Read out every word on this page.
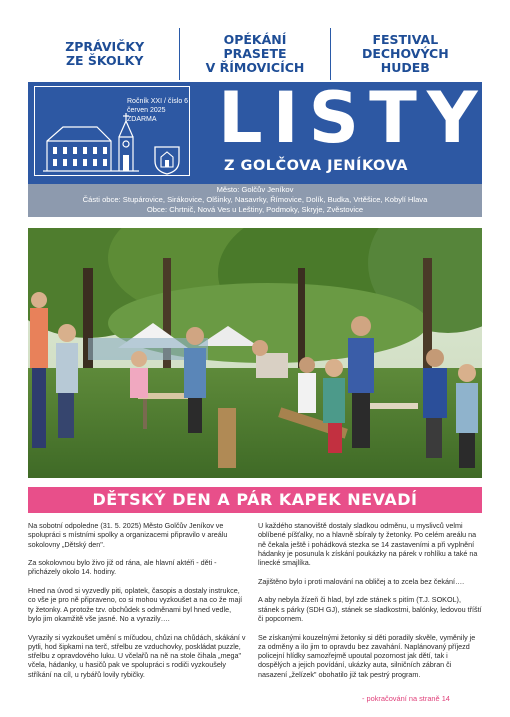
ZPRÁVIČKY
ZE ŠKOLKY
OPÉKÁNÍ
PRASETE
V ŘÍMOVICÍCH
FESTIVAL
DECHOVÝCH
HUDEB
Ročník XXI / číslo 6
červen 2025
ZDARMA LISTY
Z GOLČOVA JENÍKOVA
Město: Golčův Jeníkov
Části obce: Stupárovice, Sirákovice, Olšinky, Nasavrky, Římovice, Dolík, Budka, Vrtěšice, Kobylí Hlava
Obce: Chrtnič, Nová Ves u Leštiny, Podmoky, Skryje, Zvěstovice
DĚTSKÝ DEN A PÁR KAPEK NEVADÍ

Na sobotní odpoledne (31. 5. 2025) Město Golčův Jeníkov ve spolupráci s místními spolky a organizacemi připravilo v areálu sokolovny „Dětský den".

Za sokolovnou bylo živo již od rána, ale hlavní aktéři - děti - přicházely okolo 14. hodiny.

Hned na úvod si vyzvedly piti, oplatek, časopis a dostaly instrukce, co vše je pro ně připraveno, co si mohou vyzkoušet a na co že mají ty žetonky. A protože tzv. obchůdek s odměnami byl hned vedle, bylo jim okamžitě vše jasné. No a vyrazily….

Vyrazily si vyzkoušet umění s míčudou, chůzi na chůdách, skákání v pytli, hod šipkami na terč, střelbu ze vzduchovky, poskládat puzzle, střelbu z opravdového luku. U včelařů na ně na stole čihala „mega" včela, hádanky, u hasičů pak ve spolupráci s rodiči vyzkoušely stříkání na cíl, u rybářů lovily rybičky.

U každého stanoviště dostaly sladkou odměnu, u myslivců velmi oblíbené píšťalky, no a hlavně sbíraly ty žetonky. Po celém areálu na ně čekala ještě i pohádková stezka se 14 zastaveními a při vyplnění hádanky je posunula k získání poukázky na párek v rohlíku a také na linecké smajlíka.

Zajištěno bylo i proti malování na obličej a to zcela bez čekání….

A aby nebyla žízeň či hlad, byl zde stánek s pitím (T.J. SOKOL), stánek s párky (SDH GJ), stánek se sladkostmi, balónky, ledovou tříští či popcornem.

Se získanými kouzelnými žetonky si děti poradily skvěle, vyměnily je za odměny a ilo jim to opravdu bez zavahání. Naplánovaný příjezd policejní hlídky samozřejmě upoutal pozornost jak dětí, tak i dospělých a jejich povídání, ukázky auta, silničních zábran či nasazení „želízek" obohatilo již tak pestrý program.

- pokračování na straně 14
